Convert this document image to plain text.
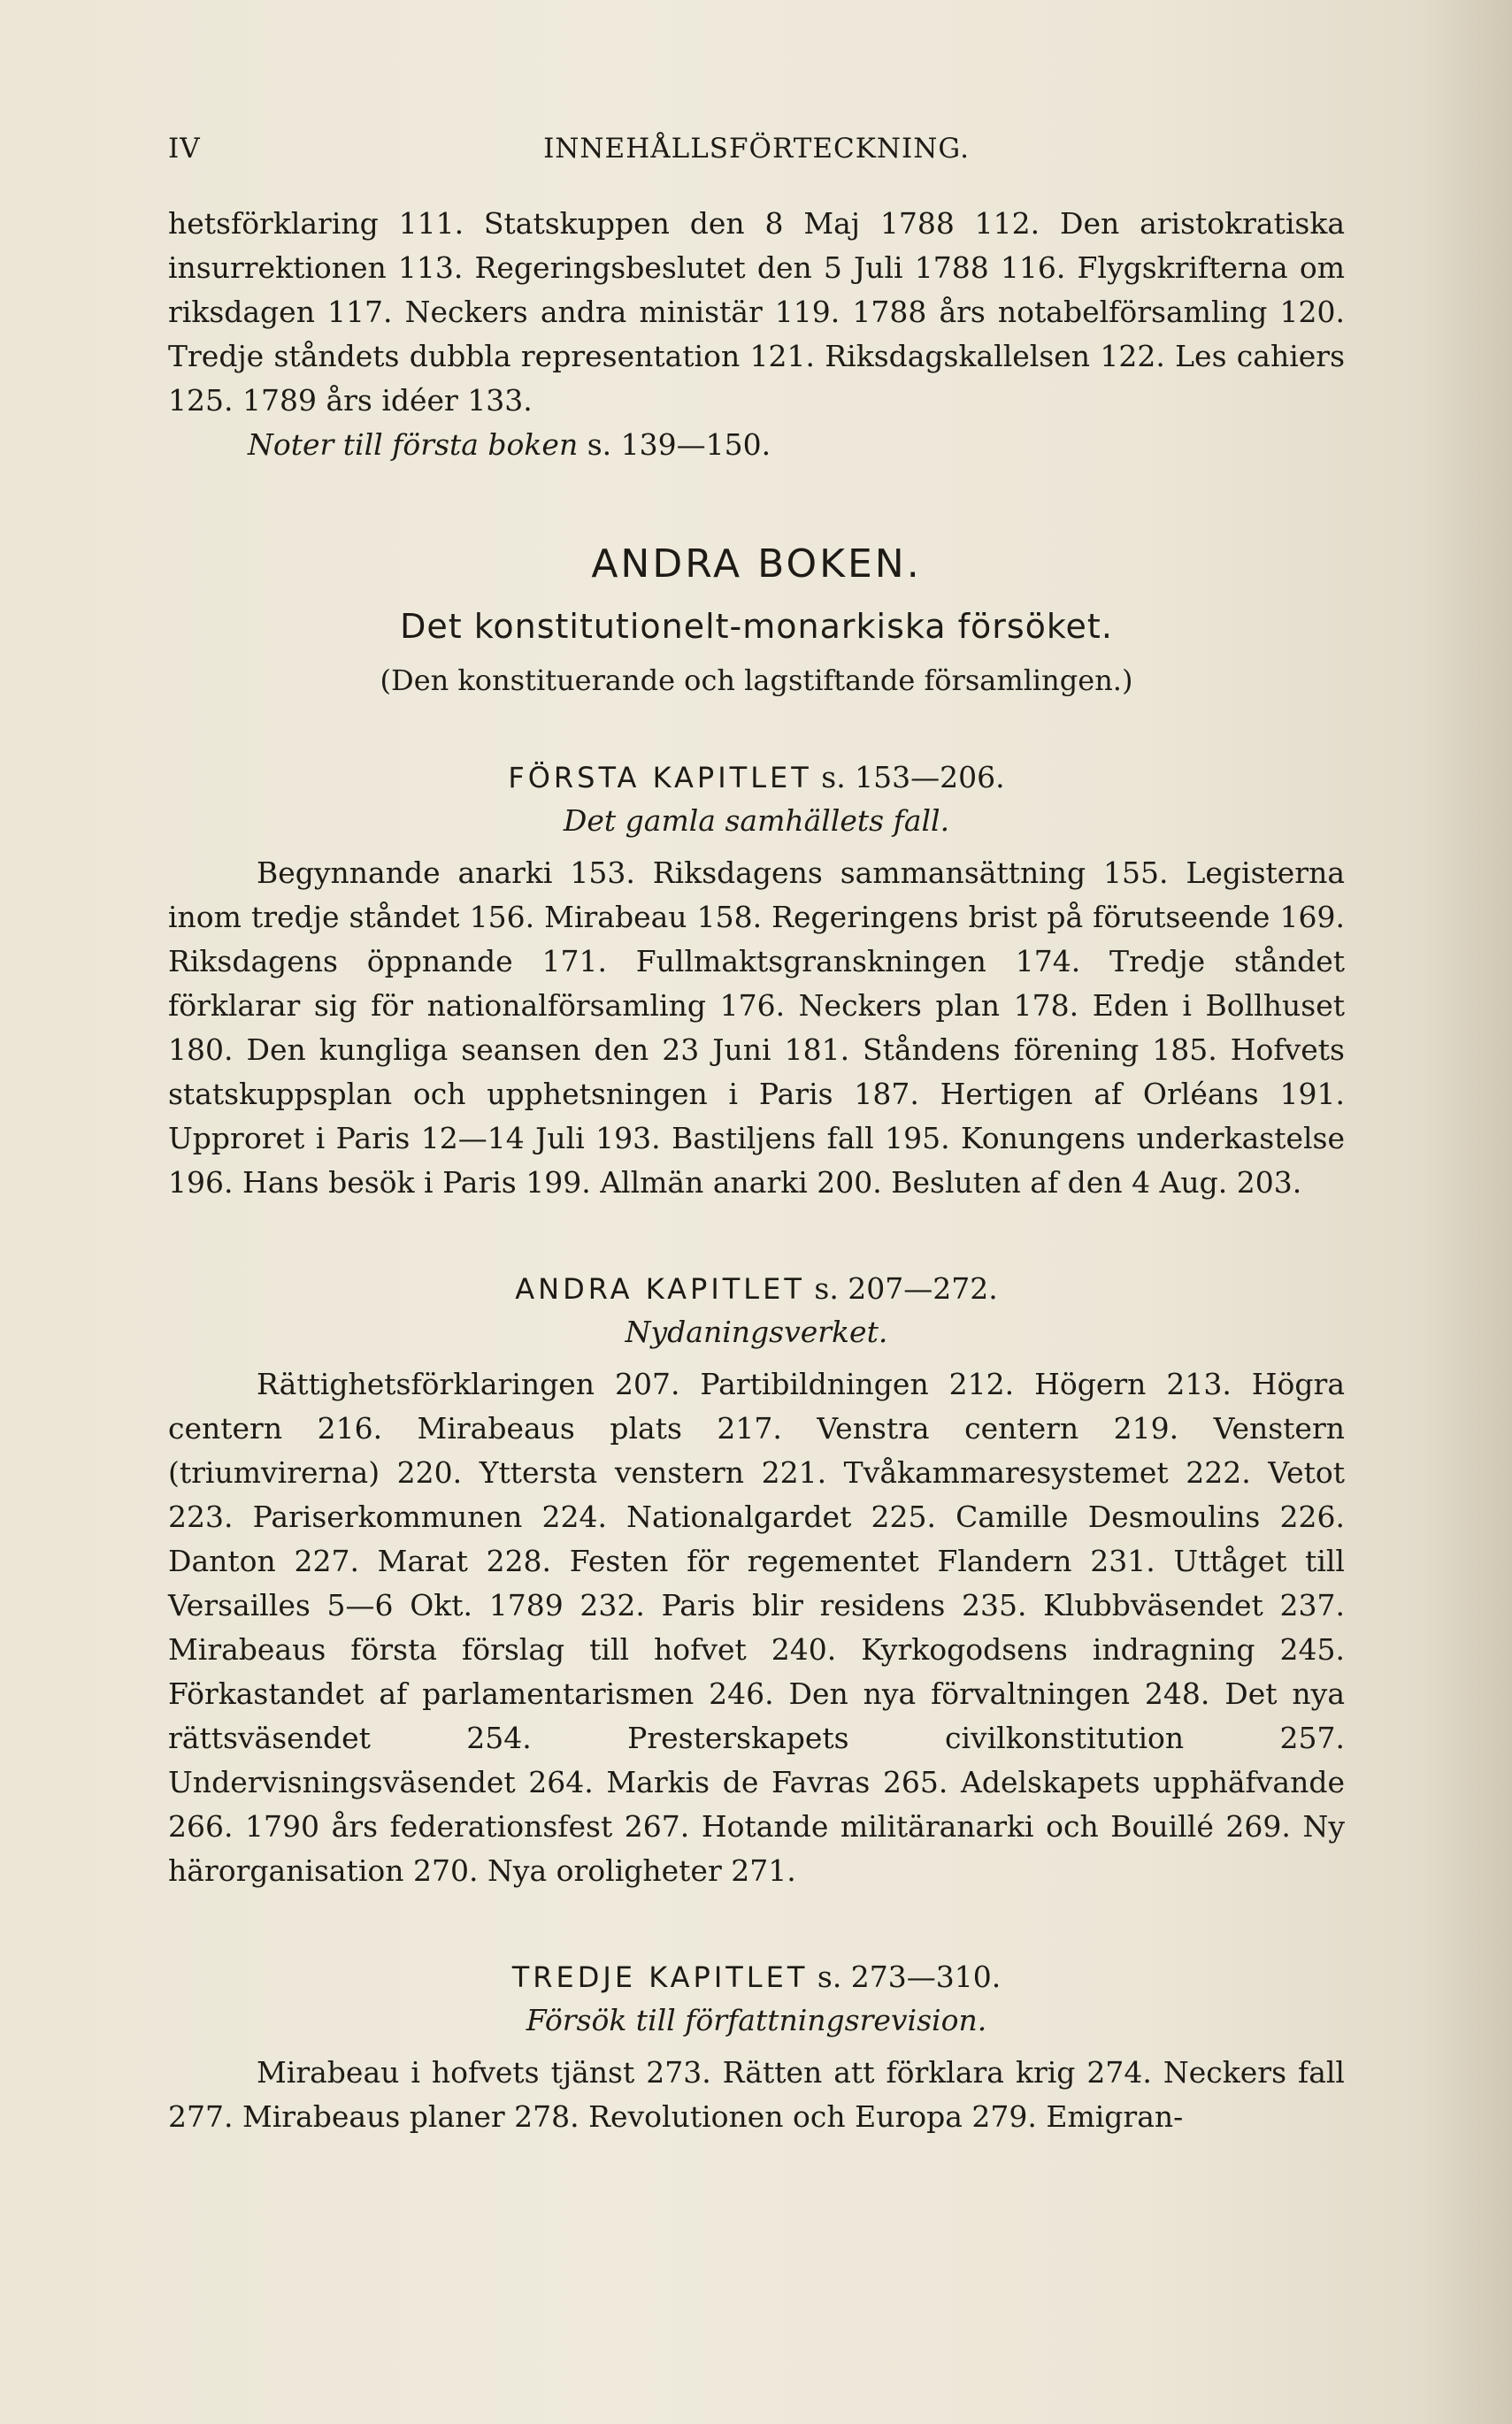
IV	INNEHÅLLSFÖRTECKNING.

hetsförklaring 111. Statskuppen den 8 Maj 1788 112. Den aristokratiska insurrektionen 113. Regeringsbeslutet den 5 Juli 1788 116. Flygskrifterna om riksdagen 117. Neckers andra ministär 119. 1788 års notabelförsamling 120. Tredje ståndets dubbla representation 121. Riksdagskallelsen 122. Les cahiers 125. 1789 års idéer 133.

Noter till första boken s. 139—150.

ANDRA BOKEN.
Det konstitutionelt-monarkiska försöket.
(Den konstituerande och lagstiftande församlingen.)
FÖRSTA KAPITLET s. 153—206.
Det gamla samhällets fall.

Begynnande anarki 153. Riksdagens sammansättning 155. Legisterna inom tredje ståndet 156. Mirabeau 158. Regeringens brist på förutseende 169. Riksdagens öppnande 171. Fullmaktsgranskningen 174. Tredje ståndet förklarar sig för nationalförsamling 176. Neckers plan 178. Eden i Bollhuset 180. Den kungliga seansen den 23 Juni 181. Ståndens förening 185. Hofvets statskuppsplan och upphetsningen i Paris 187. Hertigen af Orléans 191. Upproret i Paris 12—14 Juli 193. Bastiljens fall 195. Konungens underkastelse 196. Hans besök i Paris 199. Allmän anarki 200. Besluten af den 4 Aug. 203.

ANDRA KAPITLET s. 207—272.
Nydaningsverket.

Rättighetsförklaringen 207. Partibildningen 212. Högern 213. Högra centern 216. Mirabeaus plats 217. Venstra centern 219. Venstern (triumvirerna) 220. Yttersta venstern 221. Tvåkammaresystemet 222. Vetot 223. Pariserkommunen 224. Nationalgardet 225. Camille Desmoulins 226. Danton 227. Marat 228. Festen för regementet Flandern 231. Uttåget till Versailles 5—6 Okt. 1789 232. Paris blir residens 235. Klubbväsendet 237. Mirabeaus första förslag till hofvet 240. Kyrkogodsens indragning 245. Förkastandet af parlamentarismen 246. Den nya förvaltningen 248. Det nya rättsväsendet 254. Presterskapets civilkonstitution 257. Undervisningsväsendet 264. Markis de Favras 265. Adelskapets upphäfvande 266. 1790 års federationsfest 267. Hotande militäranarki och Bouillé 269. Ny härorganisation 270. Nya oroligheter 271.

TREDJE KAPITLET s. 273—310.
Försök till författningsrevision.

Mirabeau i hofvets tjänst 273. Rätten att förklara krig 274. Neckers fall 277. Mirabeaus planer 278. Revolutionen och Europa 279. Emigran-
